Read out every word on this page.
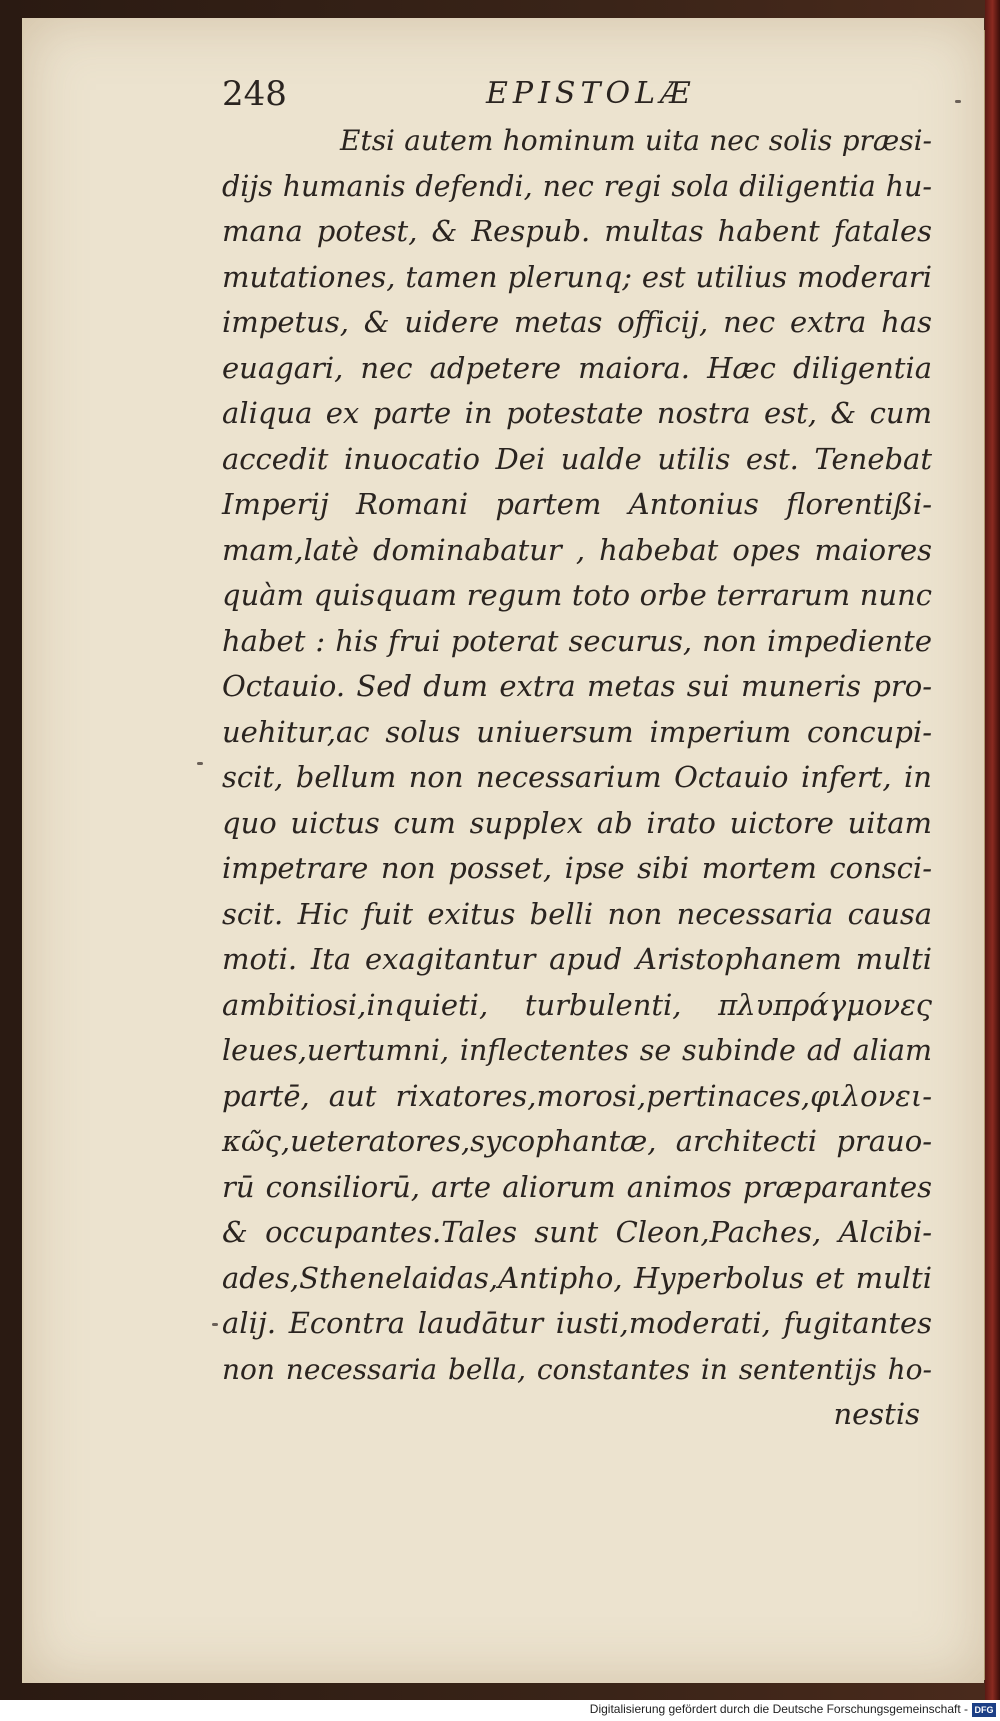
248	EPISTOLÆ
Etsi autem hominum uita nec solis præsi-
dijs humanis defendi, nec regi sola diligentia hu-
mana potest, & Respub. multas habent fatales
mutationes, tamen plerunq; est utilius moderari
impetus, & uidere metas officij, nec extra has
euagari, nec adpetere maiora. Hæc diligentia
aliqua ex parte in potestate nostra est, & cum
accedit inuocatio Dei ualde utilis est. Tenebat
Imperij Romani partem Antonius florentißi-
mam,latè dominabatur , habebat opes maiores
quàm quisquam regum toto orbe terrarum nunc
habet : his frui poterat securus, non impediente
Octauio. Sed dum extra metas sui muneris pro-
uehitur,ac solus uniuersum imperium concupi-
scit, bellum non necessarium Octauio infert, in
quo uictus cum supplex ab irato uictore uitam
impetrare non posset, ipse sibi mortem consci-
scit. Hic fuit exitus belli non necessaria causa
moti. Ita exagitantur apud Aristophanem multi
ambitiosi,inquieti, turbulenti, πλυπράγμονες
leues,uertumni, inflectentes se subinde ad aliam
partē, aut rixatores,morosi,pertinaces,φιλονει-
κῶς,ueteratores,sycophantæ, architecti prauo-
rū consiliorū, arte aliorum animos præparantes
& occupantes.Tales sunt Cleon,Paches, Alcibi-
ades,Sthenelaidas,Antipho, Hyperbolus et multi
alij. Econtra laudātur iusti,moderati, fugitantes
non necessaria bella, constantes in sententijs ho-
nestis
Digitalisierung gefördert durch die Deutsche Forschungsgemeinschaft - DFG
